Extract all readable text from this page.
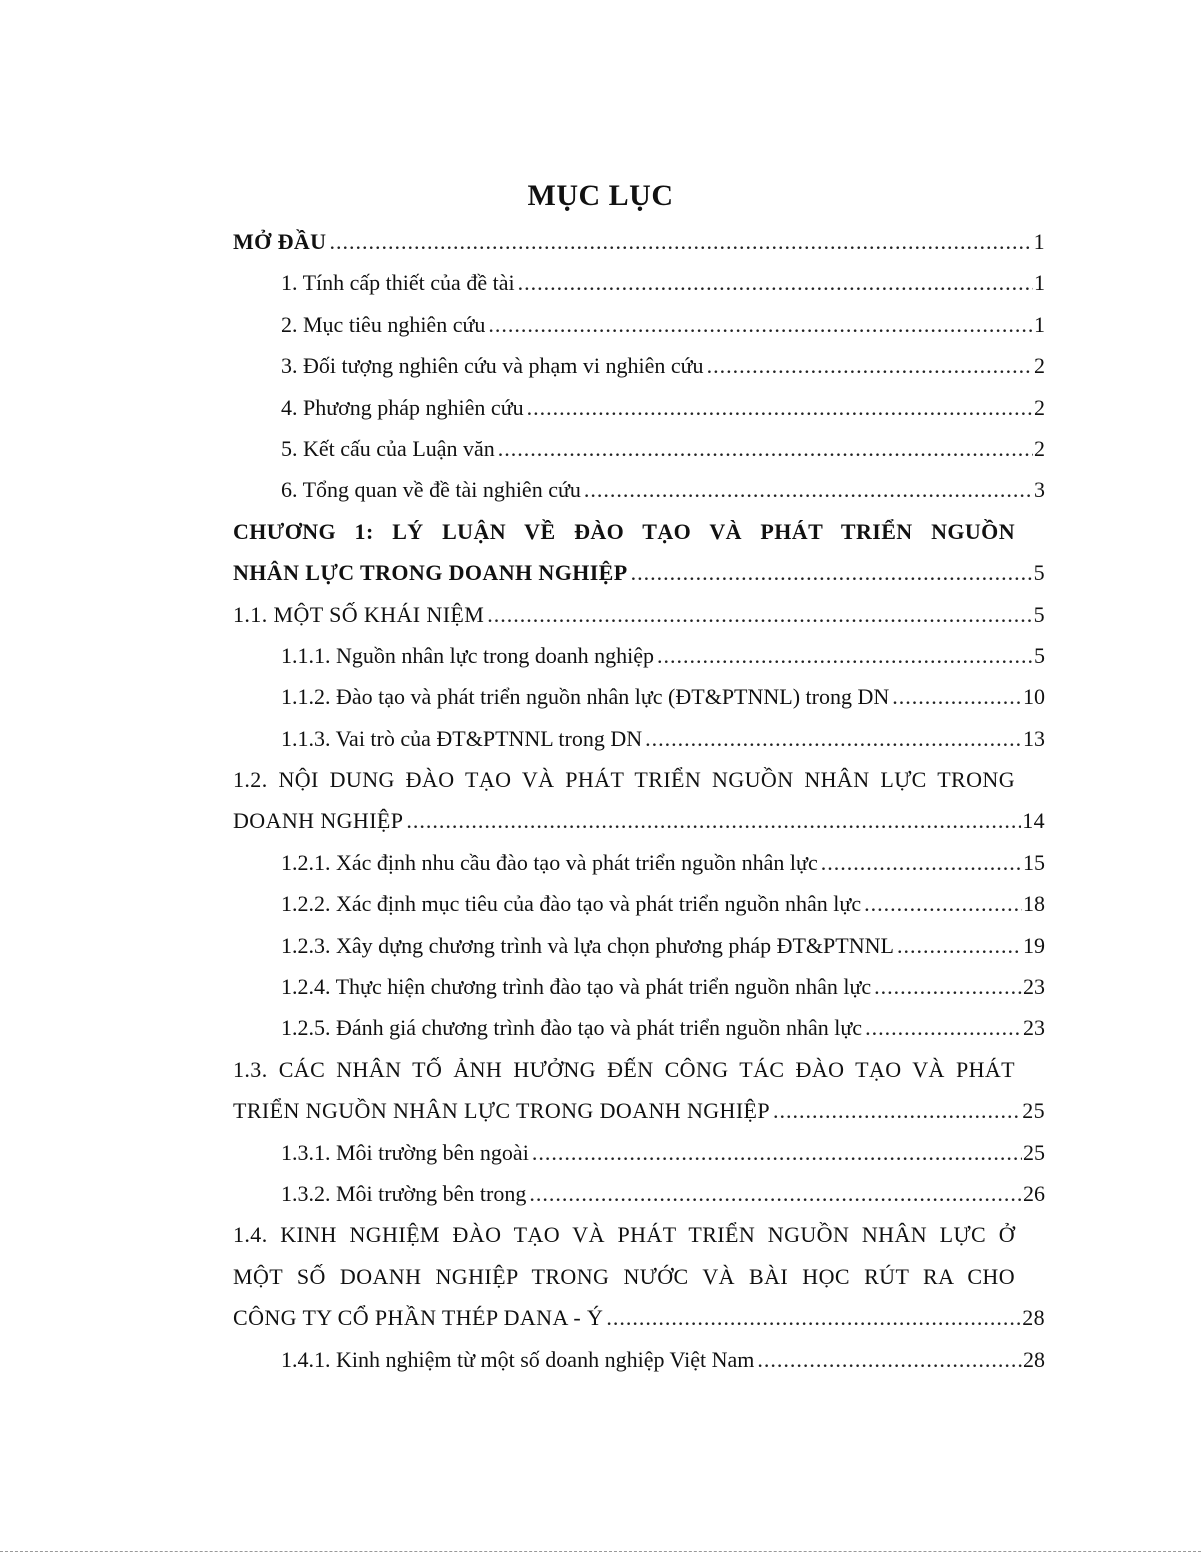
MỤC LỤC
MỞ ĐẦU .....	1
1. Tính cấp thiết của đề tài .....	1
2. Mục tiêu nghiên cứu .....	1
3. Đối tượng nghiên cứu và phạm vi nghiên cứu .....	2
4. Phương pháp nghiên cứu .....	2
5. Kết cấu của Luận văn .....	2
6. Tổng quan về đề tài nghiên cứu .....	3
CHƯƠNG 1: LÝ LUẬN VỀ ĐÀO TẠO VÀ PHÁT TRIỂN NGUỒN
NHÂN LỰC TRONG DOANH NGHIỆP .....	5
1.1. MỘT SỐ KHÁI NIỆM .....	5
1.1.1. Nguồn nhân lực trong doanh nghiệp .....	5
1.1.2. Đào tạo và phát triển nguồn nhân lực (ĐT&PTNNL) trong DN .....	10
1.1.3. Vai trò của ĐT&PTNNL trong DN .....	13
1.2. NỘI DUNG ĐÀO TẠO VÀ PHÁT TRIỂN NGUỒN NHÂN LỰC TRONG
DOANH NGHIỆP .....	14
1.2.1. Xác định nhu cầu đào tạo và phát triển nguồn nhân lực .....	15
1.2.2. Xác định mục tiêu của đào tạo và phát triển nguồn nhân lực .....	18
1.2.3. Xây dựng chương trình và lựa chọn phương pháp ĐT&PTNNL .....	19
1.2.4. Thực hiện chương trình đào tạo và phát triển nguồn nhân lực .....	23
1.2.5. Đánh giá chương trình đào tạo và phát triển nguồn nhân lực .....	23
1.3. CÁC NHÂN TỐ ẢNH HƯỞNG ĐẾN CÔNG TÁC ĐÀO TẠO VÀ PHÁT
TRIỂN NGUỒN NHÂN LỰC TRONG DOANH NGHIỆP .....	25
1.3.1. Môi trường bên ngoài .....	25
1.3.2. Môi trường bên trong .....	26
1.4. KINH NGHIỆM ĐÀO TẠO VÀ PHÁT TRIỂN NGUỒN NHÂN LỰC Ở
MỘT SỐ DOANH NGHIỆP TRONG NƯỚC VÀ BÀI HỌC RÚT RA CHO
CÔNG TY CỔ PHẦN THÉP DANA - Ý .....	28
1.4.1. Kinh nghiệm từ một số doanh nghiệp Việt Nam .....	28
